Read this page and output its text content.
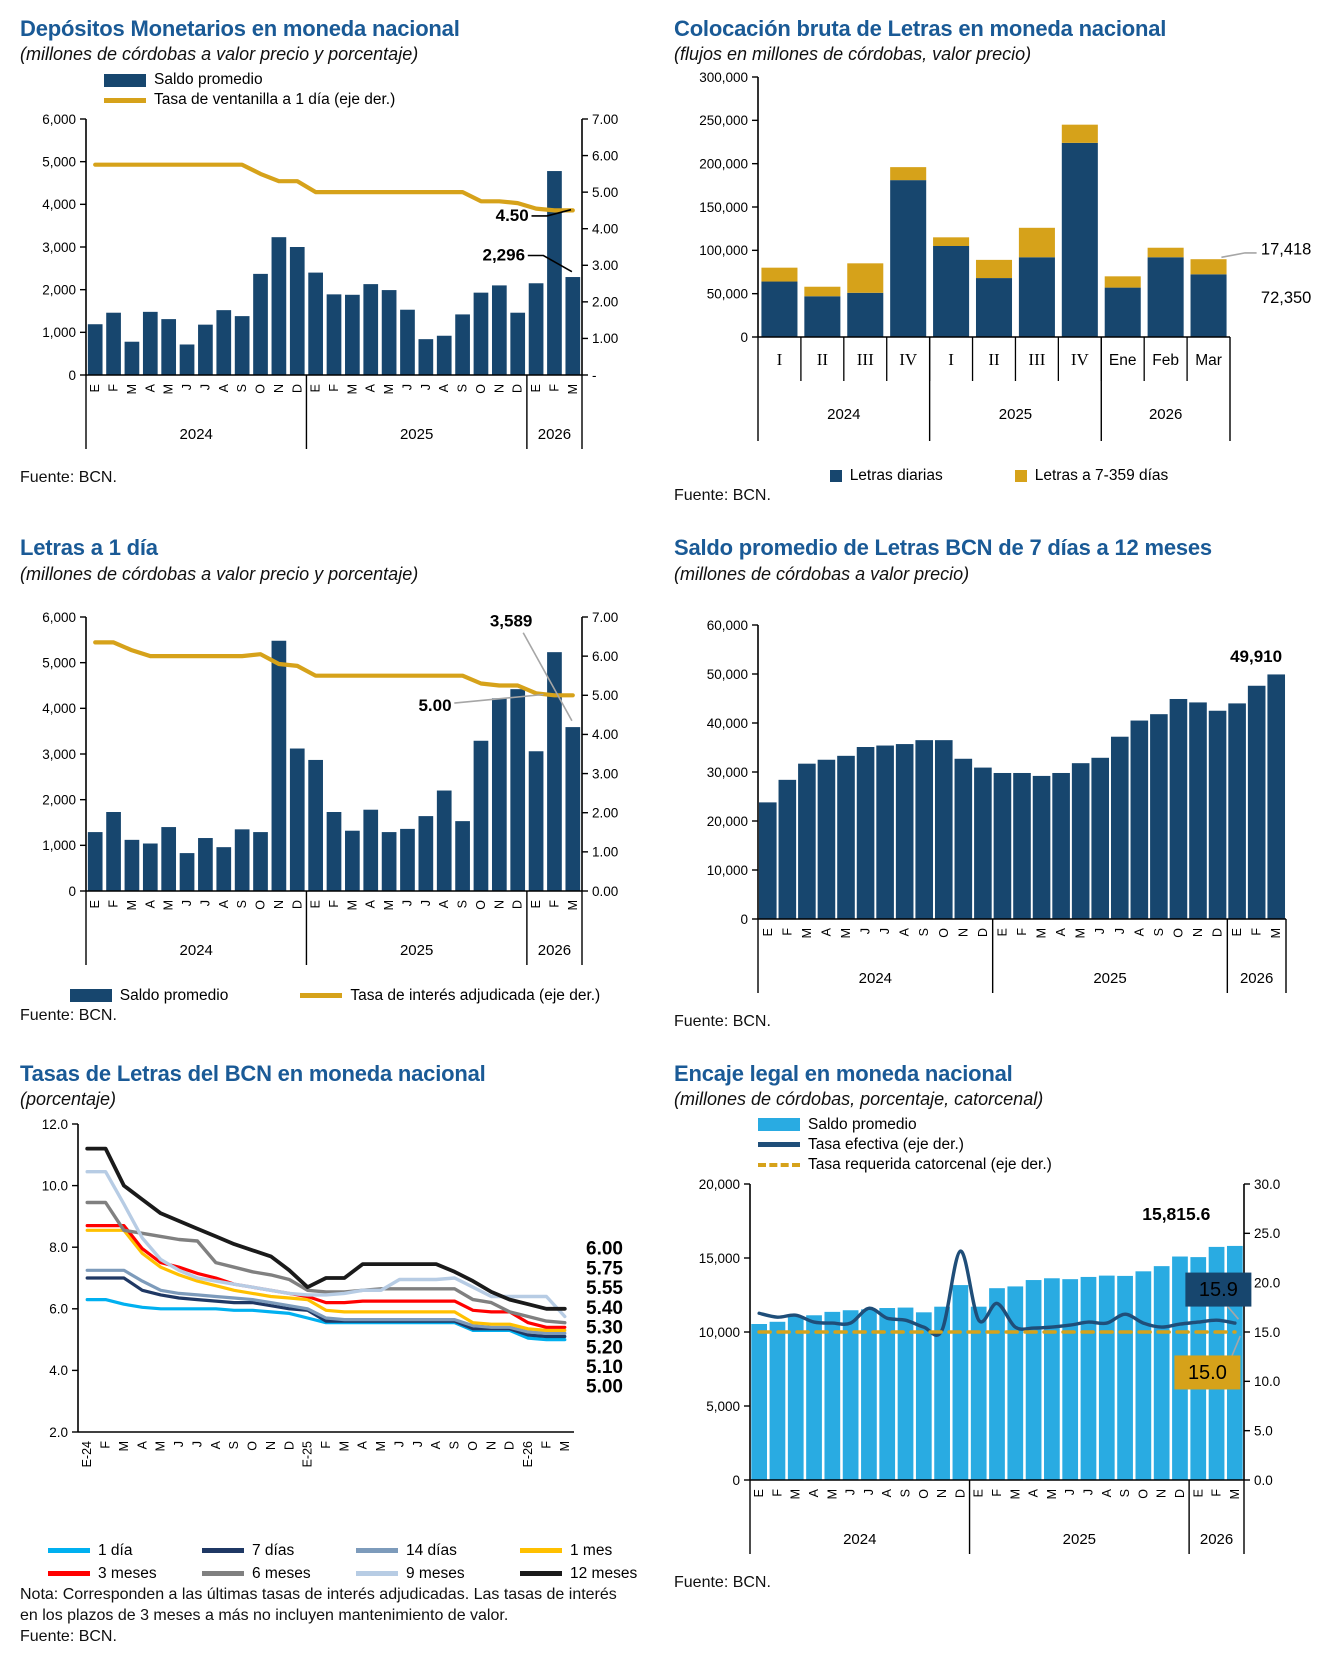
Depósitos Monetarios en moneda nacional

(millones de córdobas a valor precio y porcentaje)

Saldo promedio
Tasa de ventanilla a 1 día (eje der.)
0
1,000
2,000
3,000
4,000
5,000
6,000
-
1.00
2.00
3.00
4.00
5.00
6.00
7.00
E F M A M J J A S O N D E F M A M J J A S O N D E F M
2024	2025	2026
4.50
2,296

Fuente: BCN.

Colocación bruta de Letras en moneda nacional

(flujos en millones de córdobas, valor precio)

0
50,000
100,000
150,000
200,000
250,000
300,000
I II III IV I II III IV Ene Feb Mar
2024	2025	2026
17,418
72,350
Letras diarias	Letras a 7-359 días

Fuente: BCN.

Letras a 1 día

(millones de córdobas a valor precio y porcentaje)

0
1,000
2,000
3,000
4,000
5,000
6,000
0.00
1.00
2.00
3.00
4.00
5.00
6.00
7.00
E F M A M J J A S O N D E F M A M J J A S O N D E F M
2024	2025	2026
3,589
5.00
Saldo promedio	Tasa de interés adjudicada (eje der.)

Fuente: BCN.

Saldo promedio de Letras BCN de 7 días a 12 meses

(millones de córdobas a valor precio)

0
10,000
20,000
30,000
40,000
50,000
60,000
E F M A M J J A S O N D E F M A M J J A S O N D E F M
2024	2025	2026
49,910

Fuente: BCN.

Tasas de Letras del BCN en moneda nacional

(porcentaje)

2.0
4.0
6.0
8.0
10.0
12.0
E-24 F M A M J J A S O N D E-25 F M A M J J A S O N D E-26 F M
6.00
5.75
5.55
5.40
5.30
5.20
5.10
5.00
1 día	7 días	14 días	1 mes
3 meses	6 meses	9 meses	12 meses

Nota: Corresponden a las últimas tasas de interés adjudicadas. Las tasas de interés en los plazos de 3 meses a más no incluyen mantenimiento de valor.

Fuente: BCN.

Encaje legal en moneda nacional

(millones de córdobas, porcentaje, catorcenal)

Saldo promedio
Tasa efectiva (eje der.)
Tasa requerida catorcenal (eje der.)
0
5,000
10,000
15,000
20,000
0.0
5.0
10.0
15.0
20.0
25.0
30.0
E F M A M J J A S O N D E F M A M J J A S O N D E F M
2024	2025	2026
15,815.6
15.9
15.0

Fuente: BCN.
